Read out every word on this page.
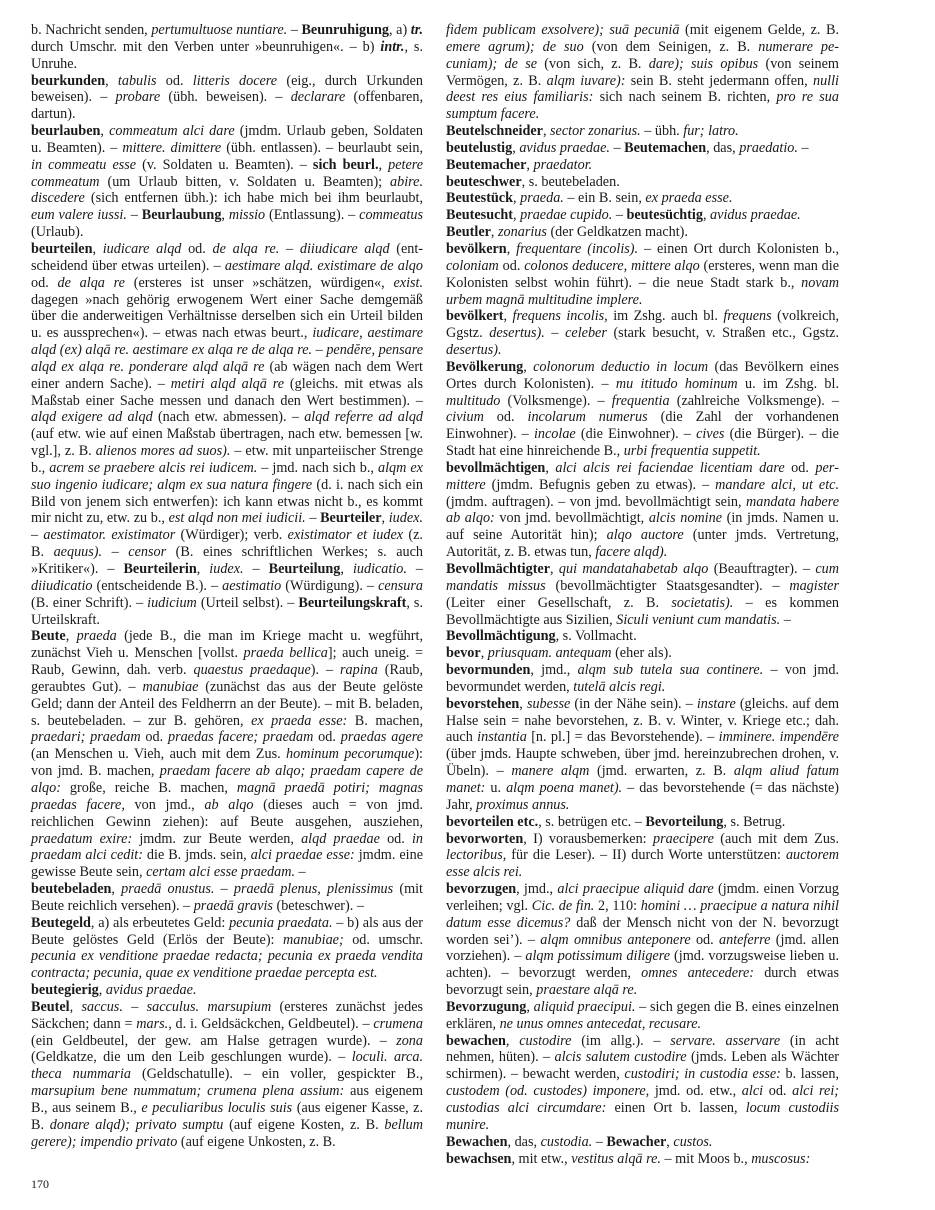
b. Nachricht senden, pertumultuose nuntiare. – Beunruhigung, a) tr. durch Umschr. mit den Verben unter »beunruhigen«. – b) intr., s. Unruhe.

beurkunden, tabulis od. litteris docere (eig., durch Urkunden beweisen). – probare (übh. beweisen). – declarare (offenbaren, dartun).

beurlauben, commeatum alci dare (jmdm. Urlaub geben, Soldaten u. Beamten). – mittere. dimittere (übh. entlassen). – beurlaubt sein, in commeatu esse (v. Soldaten u. Beamten). – sich beurl., petere commeatum (um Urlaub bitten, v. Soldaten u. Beamten); abire. discedere (sich entfernen übh.): ich habe mich bei ihm beurlaubt, eum valere iussi. – Beurlaubung, missio (Entlassung). – commeatus (Urlaub).

beurteilen, iudicare alqd od. de alqa re. – diiudicare alqd (entscheidend über etwas urteilen). – aestimare alqd. existimare de alqo od. de alqa re (ersteres ist unser »schätzen, würdigen«, exist. dagegen »nach gehörig erwogenem Wert einer Sache demgemäß über die anderweitigen Verhältnisse derselben sich ein Urteil bilden u. es aussprechen«). – etwas nach etwas beurt., iudicare, aestimare alqd (ex) alqā re. aestimare ex alqa re de alqa re. – pendĕre, pensare alqd ex alqa re. ponderare alqd alqā re (ab wägen nach dem Wert einer andern Sache). – metiri alqd alqā re (gleichs. mit etwas als Maßstab einer Sache messen und danach den Wert bestimmen). – alqd exigere ad alqd (nach etw. abmessen). – alqd referre ad alqd (auf etw. wie auf einen Maßstab übertragen, nach etw. bemessen [w. vgl.], z. B. alienos mores ad suos). – etw. mit unparteiischer Strenge b., acrem se praebere alcis rei iudicem. – jmd. nach sich b., alqm ex suo ingenio iudicare; alqm ex sua natura fingere (d. i. nach sich ein Bild von jenem sich entwerfen): ich kann etwas nicht b., es kommt mir nicht zu, etw. zu b., est alqd non mei iudicii. – Beurteiler, iudex. – aestimator. existimator (Würdiger); verb. existimator et iudex (z. B. aequus). – censor (B. eines schriftlichen Werkes; s. auch »Kritiker«). – Beurteilerin, iudex. – Beurteilung, iudicatio. – diiudicatio (entscheidende B.). – aestimatio (Würdigung). – censura (B. einer Schrift). – iudicium (Urteil selbst). – Beurteilungskraft, s. Urteilskraft.

Beute, praeda (jede B., die man im Kriege macht u. wegführt, zunächst Vieh u. Menschen [vollst. praeda bellica]; auch uneig. = Raub, Gewinn, dah. verb. quaestus praedaque). – rapina (Raub, geraubtes Gut). – manubiae (zunächst das aus der Beute gelöste Geld; dann der Anteil des Feldherrn an der Beute). – mit B. beladen, s. beutebeladen. – zur B. gehören, ex praeda esse: B. machen, praedari; praedam od. praedas facere; praedam od. praedas agere (an Menschen u. Vieh, auch mit dem Zus. hominum pecorumque): von jmd. B. machen, praedam facere ab alqo; praedam capere de alqo: große, reiche B. machen, magnā praedā potiri; magnas praedas facere, von jmd., ab alqo (dieses auch = von jmd. reichlichen Gewinn ziehen): auf Beute ausgehen, ausziehen, praedatum exire: jmdm. zur Beute werden, alqd praedae od. in praedam alci cedit: die B. jmds. sein, alci praedae esse: jmdm. eine gewisse Beute sein, certam alci esse praedam. –

beutebeladen, praedā onustus. – praedā plenus, plenissimus (mit Beute reichlich versehen). – praedā gravis (beteschwer). –

Beutegeld, a) als erbeutetes Geld: pecunia praedata. – b) als aus der Beute gelöstes Geld (Erlös der Beute): manubiae; od. umschr. pecunia ex venditione praedae redacta; pecunia ex praeda vendita contracta; pecunia, quae ex venditione praedae percepta est.

beutegierig, avidus praedae.

Beutel, saccus. – sacculus. marsupium (ersteres zunächst jedes Säckchen; dann = mars., d. i. Geldsäckchen, Geldbeutel). – crumena (ein Geldbeutel, der gew. am Halse getragen wurde). – zona (Geldkatze, die um den Leib geschlungen wurde). – loculi. arca. theca nummaria (Geldschatulle). – ein voller, gespickter B., marsupium bene nummatum; crumena plena assium: aus eigenem B., aus seinem B., e peculiaribus loculis suis (aus eigener Kasse, z. B. donare alqd); privato sumptu (auf eigene Kosten, z. B. bellum gerere); impendio privato (auf eigene Unkosten, z. B.

fidem publicam exsolvere); suā pecuniā (mit eigenem Gelde, z. B. emere agrum); de suo (von dem Seinigen, z. B. numerare pecuniam); de se (von sich, z. B. dare); suis opibus (von seinem Vermögen, z. B. alqm iuvare): sein B. steht jedermann offen, nulli deest res eius familiaris: sich nach seinem B. richten, pro re sua sumptum facere.

Beutelschneider, sector zonarius. – übh. fur; latro.

beutelustig, avidus praedae. – Beutemachen, das, praedatio. –

Beutemacher, praedator.

beuteschwer, s. beutebeladen.

Beutestück, praeda. – ein B. sein, ex praeda esse.

Beutesucht, praedae cupido. – beutesüchtig, avidus praedae.

Beutler, zonarius (der Geldkatzen macht).

bevölkern, frequentare (incolis). – einen Ort durch Kolonisten b., coloniam od. colonos deducere, mittere alqo (ersteres, wenn man die Kolonisten selbst wohin führt). – die neue Stadt stark b., novam urbem magnā multitudine implere.

bevölkert, frequens incolis, im Zshg. auch bl. frequens (volkreich, Ggstz. desertus). – celeber (stark besucht, v. Straßen etc., Ggstz. desertus).

Bevölkerung, colonorum deductio in locum (das Bevölkern eines Ortes durch Kolonisten). – mu ititudo hominum u. im Zshg. bl. multitudo (Volksmenge). – frequentia (zahlreiche Volksmenge). – civium od. incolarum numerus (die Zahl der vorhandenen Einwohner). – incolae (die Einwohner). – cives (die Bürger). – die Stadt hat eine hinreichende B., urbi frequentia suppetit.

bevollmächtigen, alci alcis rei faciendae licentiam dare od. permittere (jmdm. Befugnis geben zu etwas). – mandare alci, ut etc. (jmdm. auftragen). – von jmd. bevollmächtigt sein, mandata habere ab alqo: von jmd. bevollmächtigt, alcis nomine (in jmds. Namen u. auf seine Autorität hin); alqo auctore (unter jmds. Vertretung, Autorität, z. B. etwas tun, facere alqd).

Bevollmächtigter, qui mandatahabetab alqo (Beauftragter). – cum mandatis missus (bevollmächtigter Staatsgesandter). – magister (Leiter einer Gesellschaft, z. B. societatis). – es kommen Bevollmächtigte aus Sizilien, Siculi veniunt cum mandatis. –

Bevollmächtigung, s. Vollmacht.

bevor, priusquam. antequam (eher als).

bevormunden, jmd., alqm sub tutela sua continere. – von jmd. bevormundet werden, tutelā alcis regi.

bevorstehen, subesse (in der Nähe sein). – instare (gleichs. auf dem Halse sein = nahe bevorstehen, z. B. v. Winter, v. Kriege etc.; dah. auch instantia [n. pl.] = das Bevorstehende). – imminere. impendēre (über jmds. Haupte schweben, über jmd. hereinzubrechen drohen, v. Übeln). – manere alqm (jmd. erwarten, z. B. alqm aliud fatum manet: u. alqm poena manet). – das bevorstehende (= das nächste) Jahr, proximus annus.

bevorteilen etc., s. betrügen etc. – Bevorteilung, s. Betrug.

bevorworten, I) vorausbemerken: praecipere (auch mit dem Zus. lectoribus, für die Leser). – II) durch Worte unterstützen: auctorem esse alcis rei.

bevorzugen, jmd., alci praecipue aliquid dare (jmdm. einen Vorzug verleihen; vgl. Cic. de fin. 2, 110: homini … praecipue a natura nihil datum esse dicemus? daß der Mensch nicht von der N. bevorzugt worden sei’). – alqm omnibus anteponere od. anteferre (jmd. allen vorziehen). – alqm potissimum diligere (jmd. vorzugsweise lieben u. achten). – bevorzugt werden, omnes antecedere: durch etwas bevorzugt sein, praestare alqā re.

Bevorzugung, aliquid praecipui. – sich gegen die B. eines einzelnen erklären, ne unus omnes antecedat, recusare.

bewachen, custodire (im allg.). – servare. asservare (in acht nehmen, hüten). – alcis salutem custodire (jmds. Leben als Wächter schirmen). – bewacht werden, custodiri; in custodia esse: b. lassen, custodem (od. custodes) imponere, jmd. od. etw., alci od. alci rei; custodias alci circumdare: einen Ort b. lassen, locum custodiis munire.

Bewachen, das, custodia. – Bewacher, custos.

bewachsen, mit etw., vestitus alqā re. – mit Moos b., muscosus:

170
